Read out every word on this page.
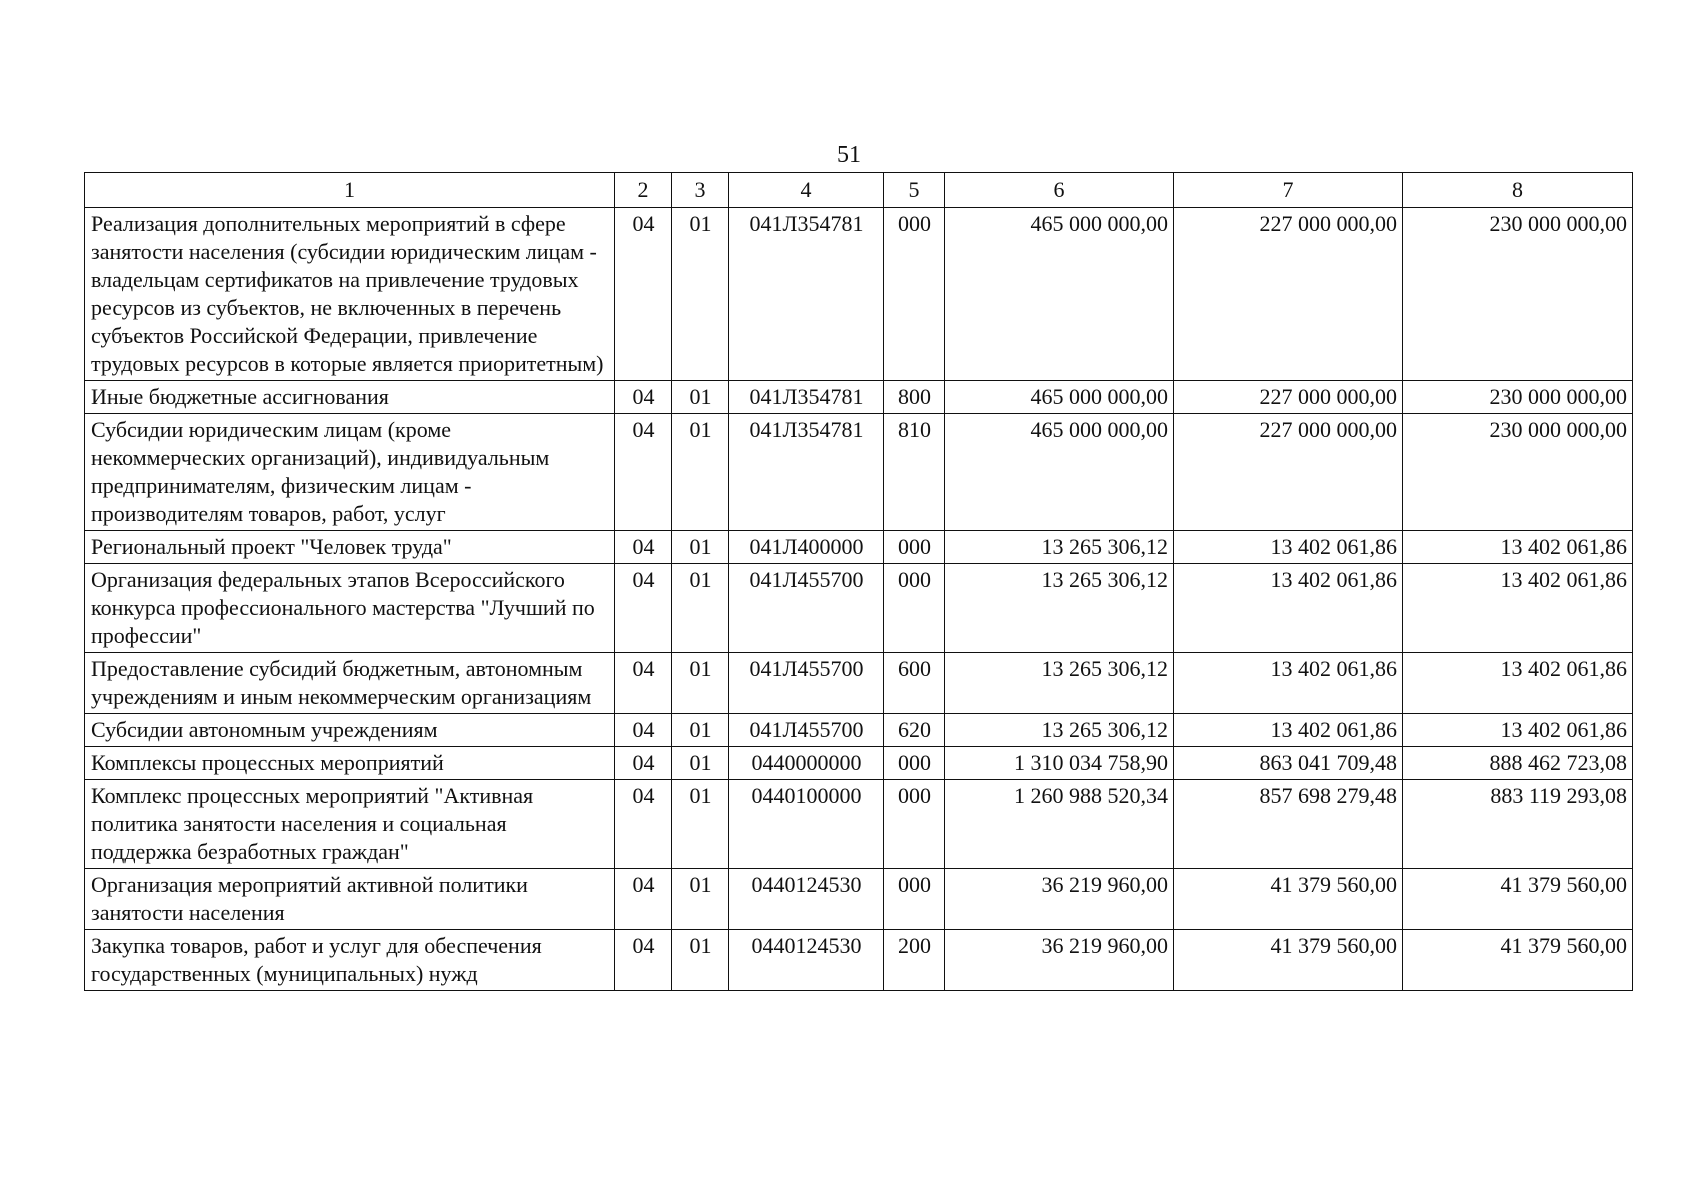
51
1	2	3	4	5	6	7	8
Реализация дополнительных мероприятий в сфере занятости населения (субсидии юридическим лицам - владельцам сертификатов на привлечение трудовых ресурсов из субъектов, не включенных в перечень субъектов Российской Федерации, привлечение трудовых ресурсов в которые является приоритетным)	04	01	041Л354781	000	465 000 000,00	227 000 000,00	230 000 000,00
Иные бюджетные ассигнования	04	01	041Л354781	800	465 000 000,00	227 000 000,00	230 000 000,00
Субсидии юридическим лицам (кроме некоммерческих организаций), индивидуальным предпринимателям, физическим лицам - производителям товаров, работ, услуг	04	01	041Л354781	810	465 000 000,00	227 000 000,00	230 000 000,00
Региональный проект "Человек труда"	04	01	041Л400000	000	13 265 306,12	13 402 061,86	13 402 061,86
Организация федеральных этапов Всероссийского конкурса профессионального мастерства "Лучший по профессии"	04	01	041Л455700	000	13 265 306,12	13 402 061,86	13 402 061,86
Предоставление субсидий бюджетным, автономным учреждениям и иным некоммерческим организациям	04	01	041Л455700	600	13 265 306,12	13 402 061,86	13 402 061,86
Субсидии автономным учреждениям	04	01	041Л455700	620	13 265 306,12	13 402 061,86	13 402 061,86
Комплексы процессных мероприятий	04	01	0440000000	000	1 310 034 758,90	863 041 709,48	888 462 723,08
Комплекс процессных мероприятий "Активная политика занятости населения и социальная поддержка безработных граждан"	04	01	0440100000	000	1 260 988 520,34	857 698 279,48	883 119 293,08
Организация мероприятий активной политики занятости населения	04	01	0440124530	000	36 219 960,00	41 379 560,00	41 379 560,00
Закупка товаров, работ и услуг для обеспечения государственных (муниципальных) нужд	04	01	0440124530	200	36 219 960,00	41 379 560,00	41 379 560,00
